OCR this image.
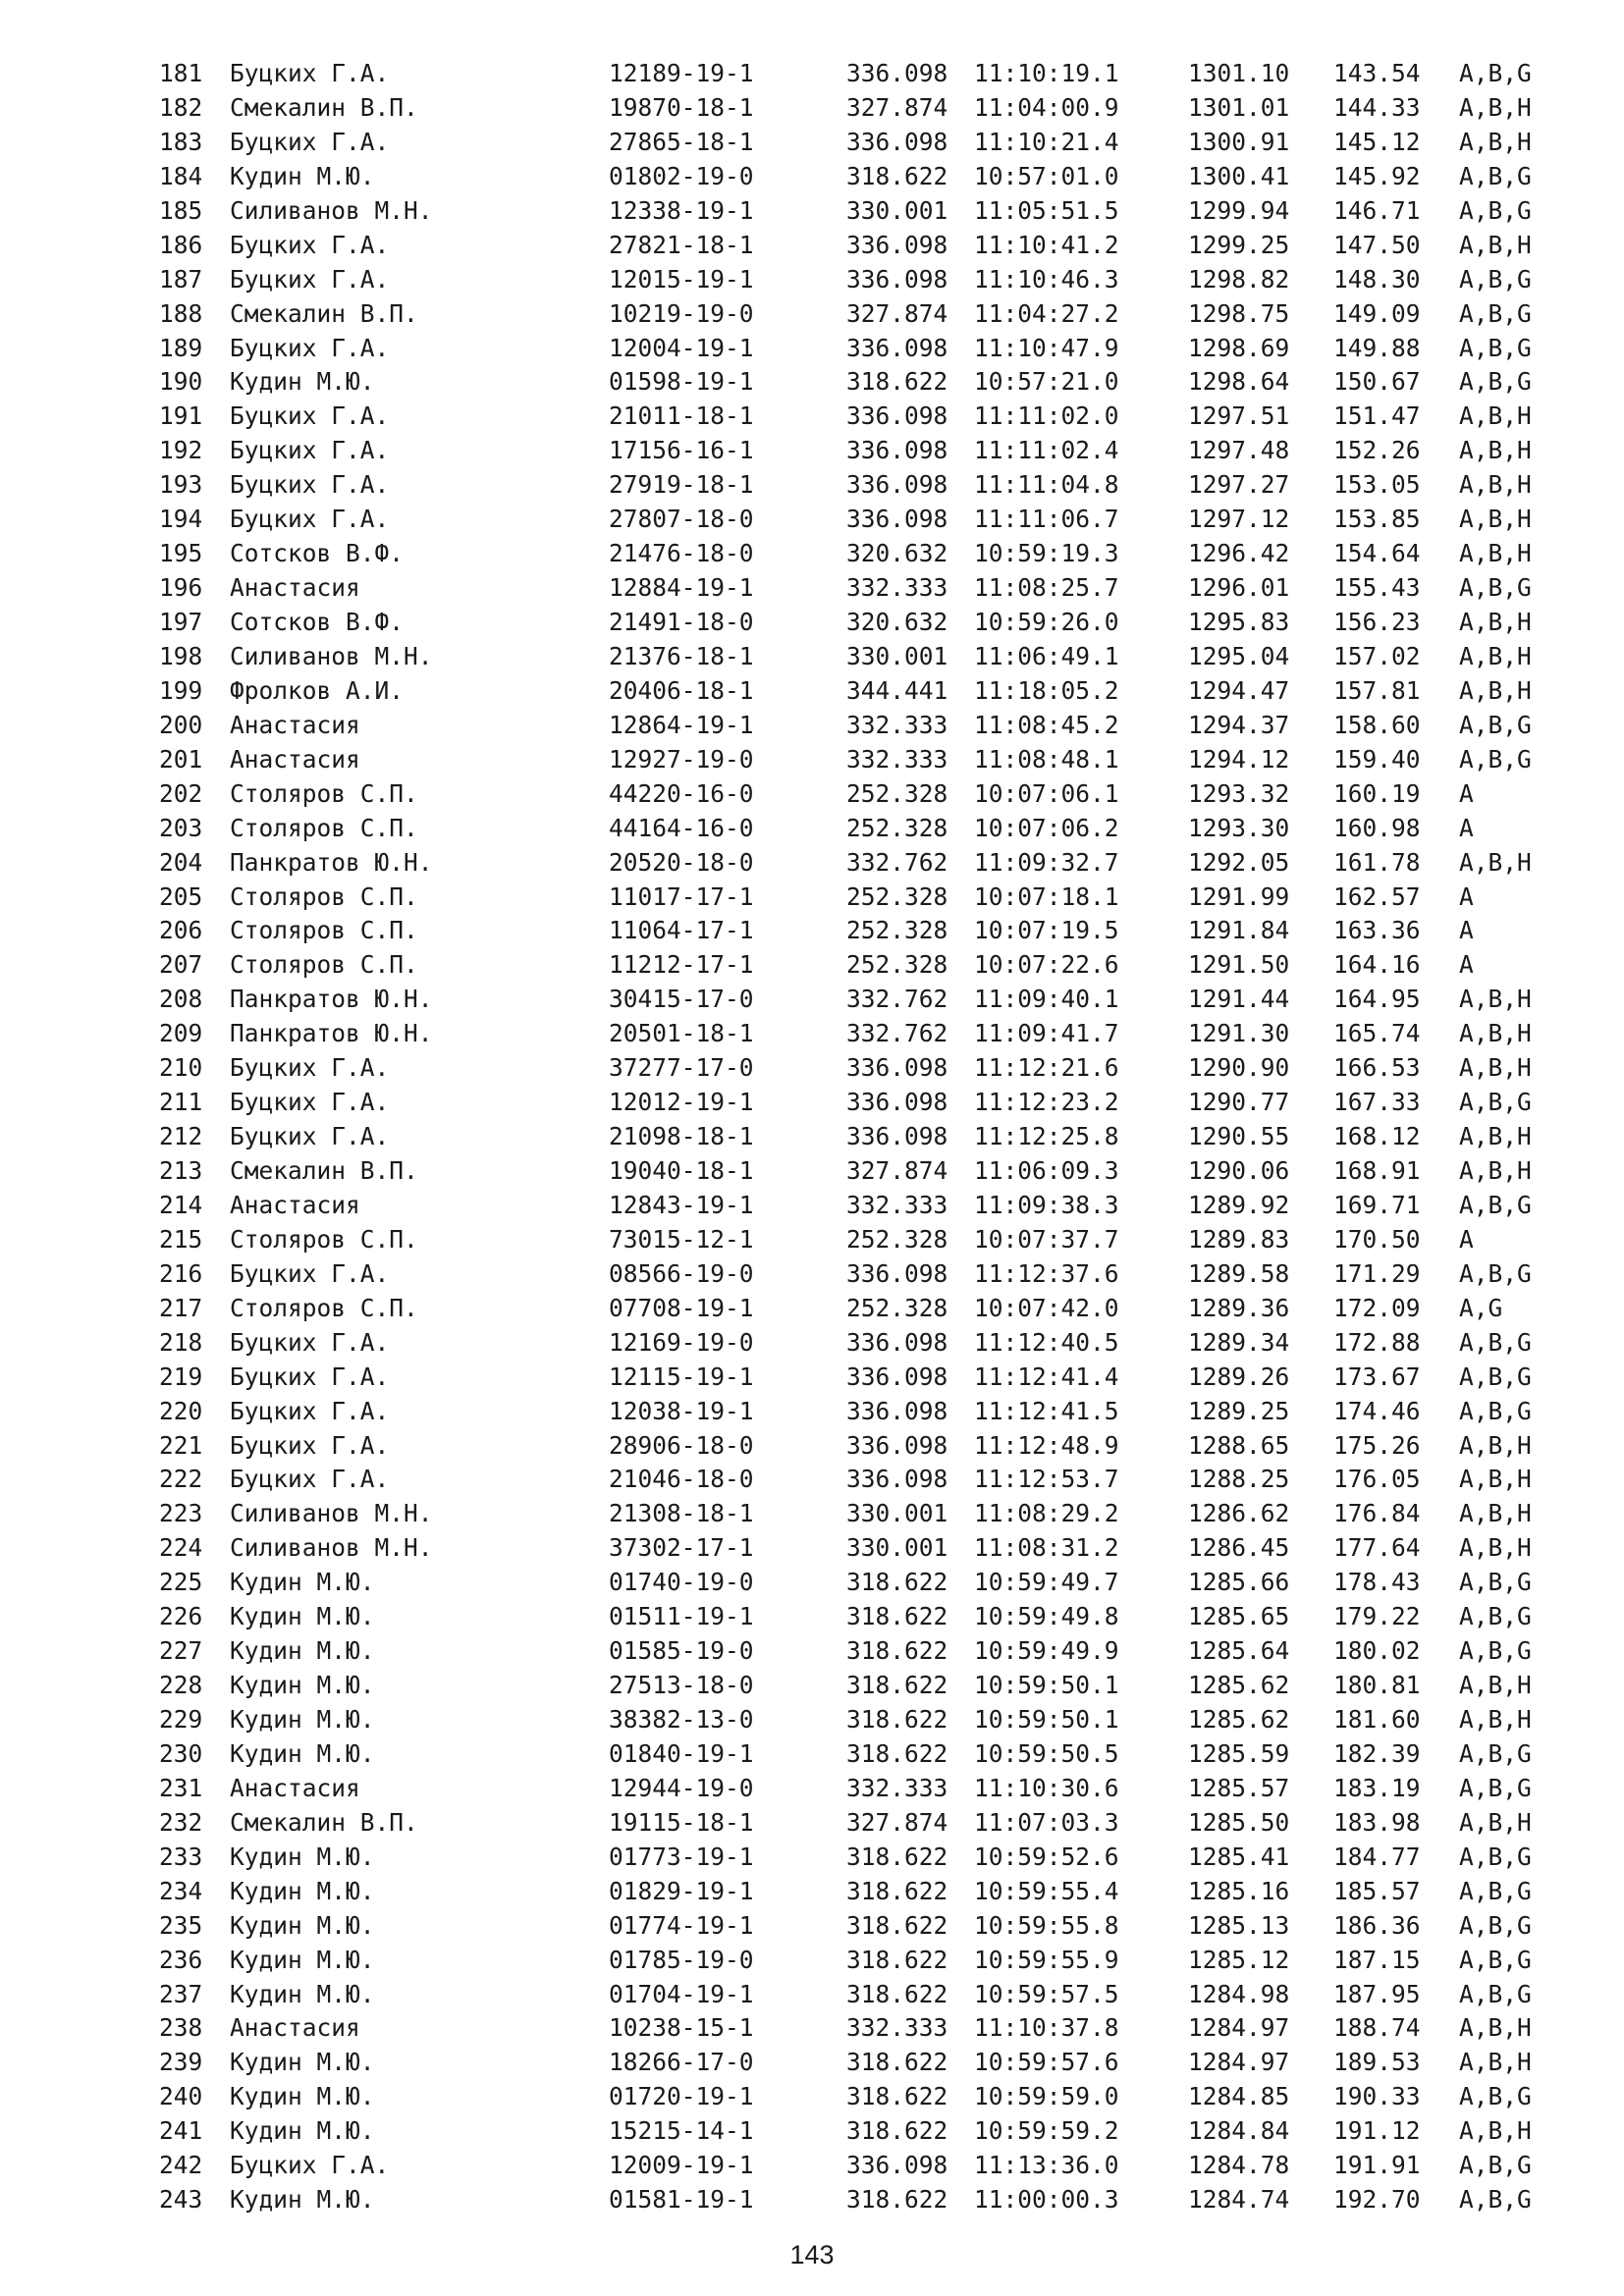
181 Буцких Г.А.	12189-19-1	336.098 11:10:19.1	1301.10 143.54 A,B,G
182 Смекалин В.П.	19870-18-1	327.874 11:04:00.9	1301.01 144.33 A,B,H
183 Буцких Г.А.	27865-18-1	336.098 11:10:21.4	1300.91 145.12 A,B,H
184 Кудин М.Ю.	01802-19-0	318.622 10:57:01.0	1300.41 145.92 A,B,G
185 Силиванов М.Н.	12338-19-1	330.001 11:05:51.5	1299.94 146.71 A,B,G
186 Буцких Г.А.	27821-18-1	336.098 11:10:41.2	1299.25 147.50 A,B,H
187 Буцких Г.А.	12015-19-1	336.098 11:10:46.3	1298.82 148.30 A,B,G
188 Смекалин В.П.	10219-19-0	327.874 11:04:27.2	1298.75 149.09 A,B,G
189 Буцких Г.А.	12004-19-1	336.098 11:10:47.9	1298.69 149.88 A,B,G
190 Кудин М.Ю.	01598-19-1	318.622 10:57:21.0	1298.64 150.67 A,B,G
191 Буцких Г.А.	21011-18-1	336.098 11:11:02.0	1297.51 151.47 A,B,H
192 Буцких Г.А.	17156-16-1	336.098 11:11:02.4	1297.48 152.26 A,B,H
193 Буцких Г.А.	27919-18-1	336.098 11:11:04.8	1297.27 153.05 A,B,H
194 Буцких Г.А.	27807-18-0	336.098 11:11:06.7	1297.12 153.85 A,B,H
195 Сотсков В.Ф.	21476-18-0	320.632 10:59:19.3	1296.42 154.64 A,B,H
196 Анастасия	12884-19-1	332.333 11:08:25.7	1296.01 155.43 A,B,G
197 Сотсков В.Ф.	21491-18-0	320.632 10:59:26.0	1295.83 156.23 A,B,H
198 Силиванов М.Н.	21376-18-1	330.001 11:06:49.1	1295.04 157.02 A,B,H
199 Фролков А.И.	20406-18-1	344.441 11:18:05.2	1294.47 157.81 A,B,H
200 Анастасия	12864-19-1	332.333 11:08:45.2	1294.37 158.60 A,B,G
201 Анастасия	12927-19-0	332.333 11:08:48.1	1294.12 159.40 A,B,G
202 Столяров С.П.	44220-16-0	252.328 10:07:06.1	1293.32 160.19 A
203 Столяров С.П.	44164-16-0	252.328 10:07:06.2	1293.30 160.98 A
204 Панкратов Ю.Н.	20520-18-0	332.762 11:09:32.7	1292.05 161.78 A,B,H
205 Столяров С.П.	11017-17-1	252.328 10:07:18.1	1291.99 162.57 A
206 Столяров С.П.	11064-17-1	252.328 10:07:19.5	1291.84 163.36 A
207 Столяров С.П.	11212-17-1	252.328 10:07:22.6	1291.50 164.16 A
208 Панкратов Ю.Н.	30415-17-0	332.762 11:09:40.1	1291.44 164.95 A,B,H
209 Панкратов Ю.Н.	20501-18-1	332.762 11:09:41.7	1291.30 165.74 A,B,H
210 Буцких Г.А.	37277-17-0	336.098 11:12:21.6	1290.90 166.53 A,B,H
211 Буцких Г.А.	12012-19-1	336.098 11:12:23.2	1290.77 167.33 A,B,G
212 Буцких Г.А.	21098-18-1	336.098 11:12:25.8	1290.55 168.12 A,B,H
213 Смекалин В.П.	19040-18-1	327.874 11:06:09.3	1290.06 168.91 A,B,H
214 Анастасия	12843-19-1	332.333 11:09:38.3	1289.92 169.71 A,B,G
215 Столяров С.П.	73015-12-1	252.328 10:07:37.7	1289.83 170.50 A
216 Буцких Г.А.	08566-19-0	336.098 11:12:37.6	1289.58 171.29 A,B,G
217 Столяров С.П.	07708-19-1	252.328 10:07:42.0	1289.36 172.09 A,G
218 Буцких Г.А.	12169-19-0	336.098 11:12:40.5	1289.34 172.88 A,B,G
219 Буцких Г.А.	12115-19-1	336.098 11:12:41.4	1289.26 173.67 A,B,G
220 Буцких Г.А.	12038-19-1	336.098 11:12:41.5	1289.25 174.46 A,B,G
221 Буцких Г.А.	28906-18-0	336.098 11:12:48.9	1288.65 175.26 A,B,H
222 Буцких Г.А.	21046-18-0	336.098 11:12:53.7	1288.25 176.05 A,B,H
223 Силиванов М.Н.	21308-18-1	330.001 11:08:29.2	1286.62 176.84 A,B,H
224 Силиванов М.Н.	37302-17-1	330.001 11:08:31.2	1286.45 177.64 A,B,H
225 Кудин М.Ю.	01740-19-0	318.622 10:59:49.7	1285.66 178.43 A,B,G
226 Кудин М.Ю.	01511-19-1	318.622 10:59:49.8	1285.65 179.22 A,B,G
227 Кудин М.Ю.	01585-19-0	318.622 10:59:49.9	1285.64 180.02 A,B,G
228 Кудин М.Ю.	27513-18-0	318.622 10:59:50.1	1285.62 180.81 A,B,H
229 Кудин М.Ю.	38382-13-0	318.622 10:59:50.1	1285.62 181.60 A,B,H
230 Кудин М.Ю.	01840-19-1	318.622 10:59:50.5	1285.59 182.39 A,B,G
231 Анастасия	12944-19-0	332.333 11:10:30.6	1285.57 183.19 A,B,G
232 Смекалин В.П.	19115-18-1	327.874 11:07:03.3	1285.50 183.98 A,B,H
233 Кудин М.Ю.	01773-19-1	318.622 10:59:52.6	1285.41 184.77 A,B,G
234 Кудин М.Ю.	01829-19-1	318.622 10:59:55.4	1285.16 185.57 A,B,G
235 Кудин М.Ю.	01774-19-1	318.622 10:59:55.8	1285.13 186.36 A,B,G
236 Кудин М.Ю.	01785-19-0	318.622 10:59:55.9	1285.12 187.15 A,B,G
237 Кудин М.Ю.	01704-19-1	318.622 10:59:57.5	1284.98 187.95 A,B,G
238 Анастасия	10238-15-1	332.333 11:10:37.8	1284.97 188.74 A,B,H
239 Кудин М.Ю.	18266-17-0	318.622 10:59:57.6	1284.97 189.53 A,B,H
240 Кудин М.Ю.	01720-19-1	318.622 10:59:59.0	1284.85 190.33 A,B,G
241 Кудин М.Ю.	15215-14-1	318.622 10:59:59.2	1284.84 191.12 A,B,H
242 Буцких Г.А.	12009-19-1	336.098 11:13:36.0	1284.78 191.91 A,B,G
243 Кудин М.Ю.	01581-19-1	318.622 11:00:00.3	1284.74 192.70 A,B,G
143
